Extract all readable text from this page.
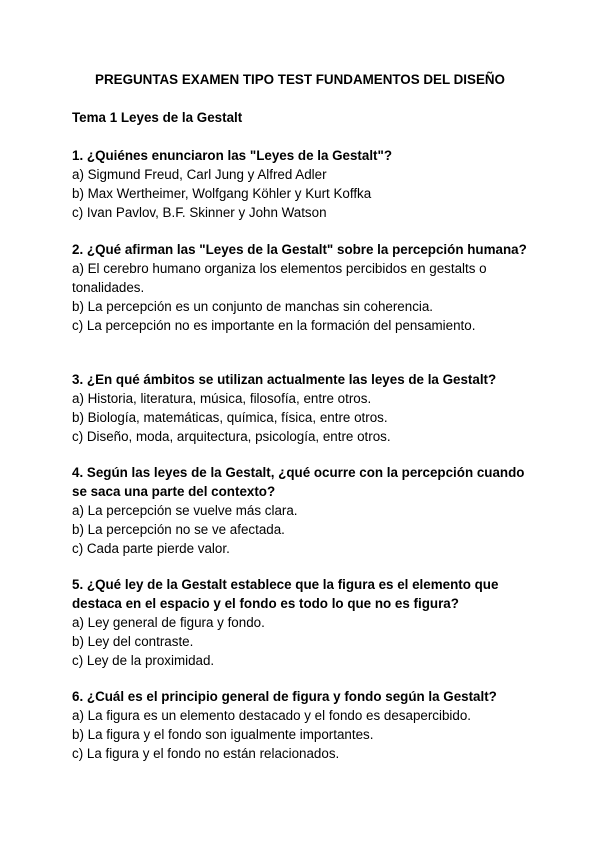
PREGUNTAS EXAMEN TIPO TEST FUNDAMENTOS DEL DISEÑO
Tema 1 Leyes de la Gestalt
1. ¿Quiénes enunciaron las "Leyes de la Gestalt"?
a) Sigmund Freud, Carl Jung y Alfred Adler
b) Max Wertheimer, Wolfgang Köhler y Kurt Koffka
c) Ivan Pavlov, B.F. Skinner y John Watson
2. ¿Qué afirman las "Leyes de la Gestalt" sobre la percepción humana?
a) El cerebro humano organiza los elementos percibidos en gestalts o tonalidades.
b) La percepción es un conjunto de manchas sin coherencia.
c) La percepción no es importante en la formación del pensamiento.
3. ¿En qué ámbitos se utilizan actualmente las leyes de la Gestalt?
a) Historia, literatura, música, filosofía, entre otros.
b) Biología, matemáticas, química, física, entre otros.
c) Diseño, moda, arquitectura, psicología, entre otros.
4. Según las leyes de la Gestalt, ¿qué ocurre con la percepción cuando se saca una parte del contexto?
a) La percepción se vuelve más clara.
b) La percepción no se ve afectada.
c) Cada parte pierde valor.
5. ¿Qué ley de la Gestalt establece que la figura es el elemento que destaca en el espacio y el fondo es todo lo que no es figura?
a) Ley general de figura y fondo.
b) Ley del contraste.
c) Ley de la proximidad.
6. ¿Cuál es el principio general de figura y fondo según la Gestalt?
a) La figura es un elemento destacado y el fondo es desapercibido.
b) La figura y el fondo son igualmente importantes.
c) La figura y el fondo no están relacionados.
